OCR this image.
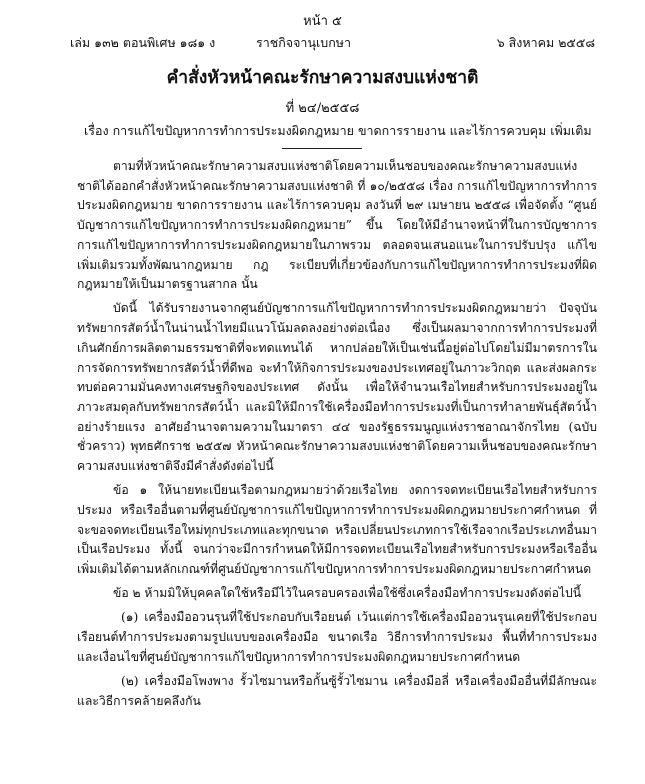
หน้า ๕
เล่ม ๑๓๒ ตอนพิเศษ ๑๘๑ ง	ราชกิจจานุเบกษา	๖ สิงหาคม ๒๕๕๘
คำสั่งหัวหน้าคณะรักษาความสงบแห่งชาติ
ที่ ๒๔/๒๕๕๘
เรื่อง การแก้ไขปัญหาการทำการประมงผิดกฎหมาย ขาดการรายงาน และไร้การควบคุม เพิ่มเติม

ตามที่หัวหน้าคณะรักษาความสงบแห่งชาติโดยความเห็นชอบของคณะรักษาความสงบแห่งชาติได้ออกคำสั่งหัวหน้าคณะรักษาความสงบแห่งชาติ ที่ ๑๐/๒๕๕๘ เรื่อง การแก้ไขปัญหาการทำการประมงผิดกฎหมาย ขาดการรายงาน และไร้การควบคุม ลงวันที่ ๒๙ เมษายน ๒๕๕๘ เพื่อจัดตั้ง “ศูนย์บัญชาการแก้ไขปัญหาการทำการประมงผิดกฎหมาย” ขึ้น โดยให้มีอำนาจหน้าที่ในการบัญชาการการแก้ไขปัญหาการทำการประมงผิดกฎหมายในภาพรวม ตลอดจนเสนอแนะในการปรับปรุง แก้ไขเพิ่มเติมรวมทั้งพัฒนากฎหมาย กฎ ระเบียบที่เกี่ยวข้องกับการแก้ไขปัญหาการทำการประมงที่ผิดกฎหมายให้เป็นมาตรฐานสากล นั้น

บัดนี้ ได้รับรายงานจากศูนย์บัญชาการแก้ไขปัญหาการทำการประมงผิดกฎหมายว่า ปัจจุบันทรัพยากรสัตว์น้ำในน่านน้ำไทยมีแนวโน้มลดลงอย่างต่อเนื่อง ซึ่งเป็นผลมาจากการทำการประมงที่เกินศักย์การผลิตตามธรรมชาติที่จะทดแทนได้ หากปล่อยให้เป็นเช่นนี้อยู่ต่อไปโดยไม่มีมาตรการในการจัดการทรัพยากรสัตว์น้ำที่ดีพอ จะทำให้กิจการประมงของประเทศอยู่ในภาวะวิกฤต และส่งผลกระทบต่อความมั่นคงทางเศรษฐกิจของประเทศ ดังนั้น เพื่อให้จำนวนเรือไทยสำหรับการประมงอยู่ในภาวะสมดุลกับทรัพยากรสัตว์น้ำ และมิให้มีการใช้เครื่องมือทำการประมงที่เป็นการทำลายพันธุ์สัตว์น้ำอย่างร้ายแรง อาศัยอำนาจตามความในมาตรา ๔๔ ของรัฐธรรมนูญแห่งราชอาณาจักรไทย (ฉบับชั่วคราว) พุทธศักราช ๒๕๕๗ หัวหน้าคณะรักษาความสงบแห่งชาติโดยความเห็นชอบของคณะรักษาความสงบแห่งชาติจึงมีคำสั่งดังต่อไปนี้

ข้อ ๑ ให้นายทะเบียนเรือตามกฎหมายว่าด้วยเรือไทย งดการจดทะเบียนเรือไทยสำหรับการประมง หรือเรืออื่นตามที่ศูนย์บัญชาการแก้ไขปัญหาการทำการประมงผิดกฎหมายประกาศกำหนด ที่จะขอจดทะเบียนเรือใหม่ทุกประเภทและทุกขนาด หรือเปลี่ยนประเภทการใช้เรือจากเรือประเภทอื่นมาเป็นเรือประมง ทั้งนี้ จนกว่าจะมีการกำหนดให้มีการจดทะเบียนเรือไทยสำหรับการประมงหรือเรืออื่นเพิ่มเติมได้ตามหลักเกณฑ์ที่ศูนย์บัญชาการแก้ไขปัญหาการทำการประมงผิดกฎหมายประกาศกำหนด

ข้อ ๒ ห้ามมิให้บุคคลใดใช้หรือมีไว้ในครอบครองเพื่อใช้ซึ่งเครื่องมือทำการประมงดังต่อไปนี้

(๑) เครื่องมืออวนรุนที่ใช้ประกอบกับเรือยนต์ เว้นแต่การใช้เครื่องมืออวนรุนเคยที่ใช้ประกอบเรือยนต์ทำการประมงตามรูปแบบของเครื่องมือ ขนาดเรือ วิธีการทำการประมง พื้นที่ทำการประมงและเงื่อนไขที่ศูนย์บัญชาการแก้ไขปัญหาการทำการประมงผิดกฎหมายประกาศกำหนด

(๒) เครื่องมือโพงพาง รั้วไซมานหรือกั้นซู้รั้วไซมาน เครื่องมือลี่ หรือเครื่องมืออื่นที่มีลักษณะและวิธีการคล้ายคลึงกัน
